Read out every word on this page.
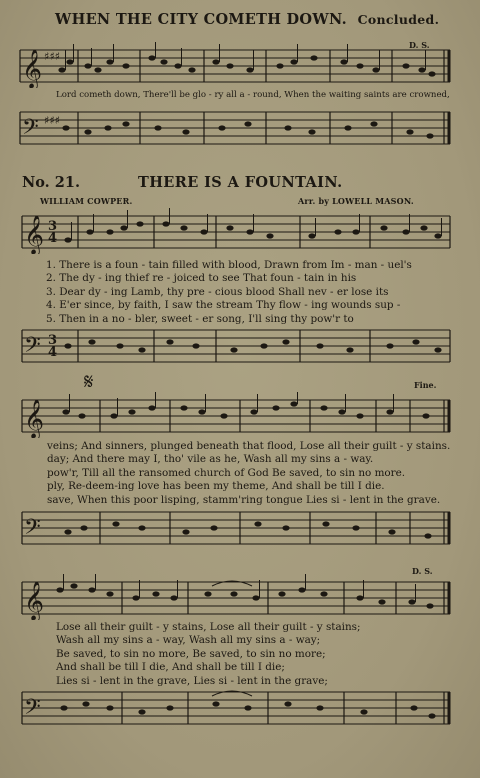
WHEN THE CITY COMETH DOWN. Concluded.
𝄞 ♯♯♯
D. S.
Lord cometh down, There'll be glo - ry all a - round, When the waiting saints are crowned,
𝄢 ♯♯♯
No. 21.	THERE IS A FOUNTAIN.
WILLIAM COWPER.	Arr. by LOWELL MASON.
𝄞 4
3
1. There is a foun - tain filled with blood, Drawn from Im - man - uel's
2. The dy - ing thief re - joiced to see That foun - tain in his
3. Dear dy - ing Lamb, thy pre - cious blood Shall nev - er lose its
4. E'er since, by faith, I saw the stream Thy flow - ing wounds sup -
5. Then in a no - bler, sweet - er song, I'll sing thy pow'r to
𝄢 4
3
𝄋	Fine.
𝄞
veins; And sinners, plunged beneath that flood, Lose all their guilt - y stains.
day; And there may I, tho' vile as he, Wash all my sins a - way.
pow'r, Till all the ransomed church of God Be saved, to sin no more.
ply, Re-deem-ing love has been my theme, And shall be till I die.
save, When this poor lisping, stamm'ring tongue Lies si - lent in the grave.
𝄢
D. S.
𝄞
Lose all their guilt - y stains, Lose all their guilt - y stains;
Wash all my sins a - way, Wash all my sins a - way;
Be saved, to sin no more, Be saved, to sin no more;
And shall be till I die, And shall be till I die;
Lies si - lent in the grave, Lies si - lent in the grave;
𝄢
